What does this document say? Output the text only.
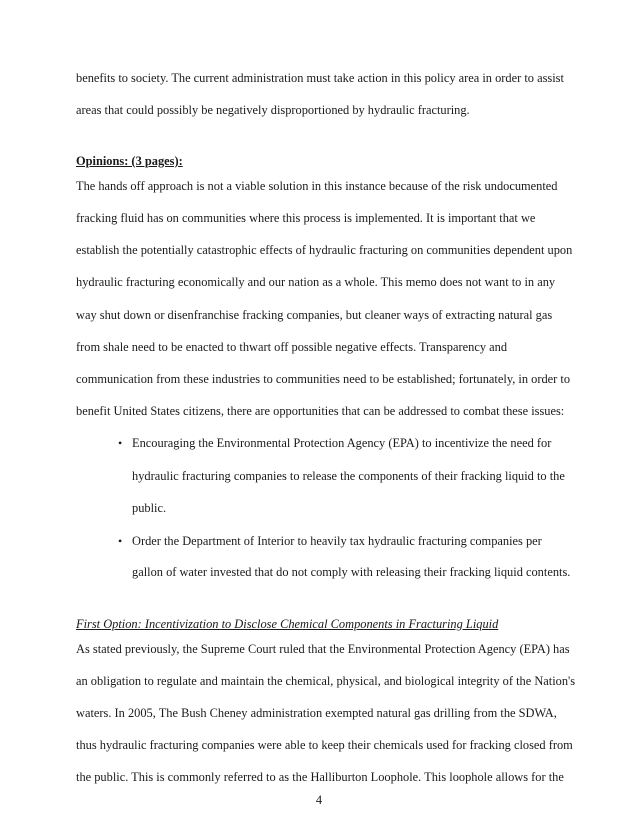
benefits to society. The current administration must take action in this policy area in order to assist
areas that could possibly be negatively disproportioned by hydraulic fracturing.
Opinions: (3 pages):
The hands off approach is not a viable solution in this instance because of the risk undocumented
fracking fluid has on communities where this process is implemented. It is important that we
establish the potentially catastrophic effects of hydraulic fracturing on communities dependent upon
hydraulic fracturing economically and our nation as a whole. This memo does not want to in any
way shut down or disenfranchise fracking companies, but cleaner ways of extracting natural gas
from shale need to be enacted to thwart off possible negative effects. Transparency and
communication from these industries to communities need to be established; fortunately, in order to
benefit United States citizens, there are opportunities that can be addressed to combat these issues:
• Encouraging the Environmental Protection Agency (EPA) to incentivize the need for
hydraulic fracturing companies to release the components of their fracking liquid to the
public.
• Order the Department of Interior to heavily tax hydraulic fracturing companies per
gallon of water invested that do not comply with releasing their fracking liquid contents.
First Option: Incentivization to Disclose Chemical Components in Fracturing Liquid
As stated previously, the Supreme Court ruled that the Environmental Protection Agency (EPA) has
an obligation to regulate and maintain the chemical, physical, and biological integrity of the Nation's
waters. In 2005, The Bush Cheney administration exempted natural gas drilling from the SDWA,
thus hydraulic fracturing companies were able to keep their chemicals used for fracking closed from
the public. This is commonly referred to as the Halliburton Loophole. This loophole allows for the
4
